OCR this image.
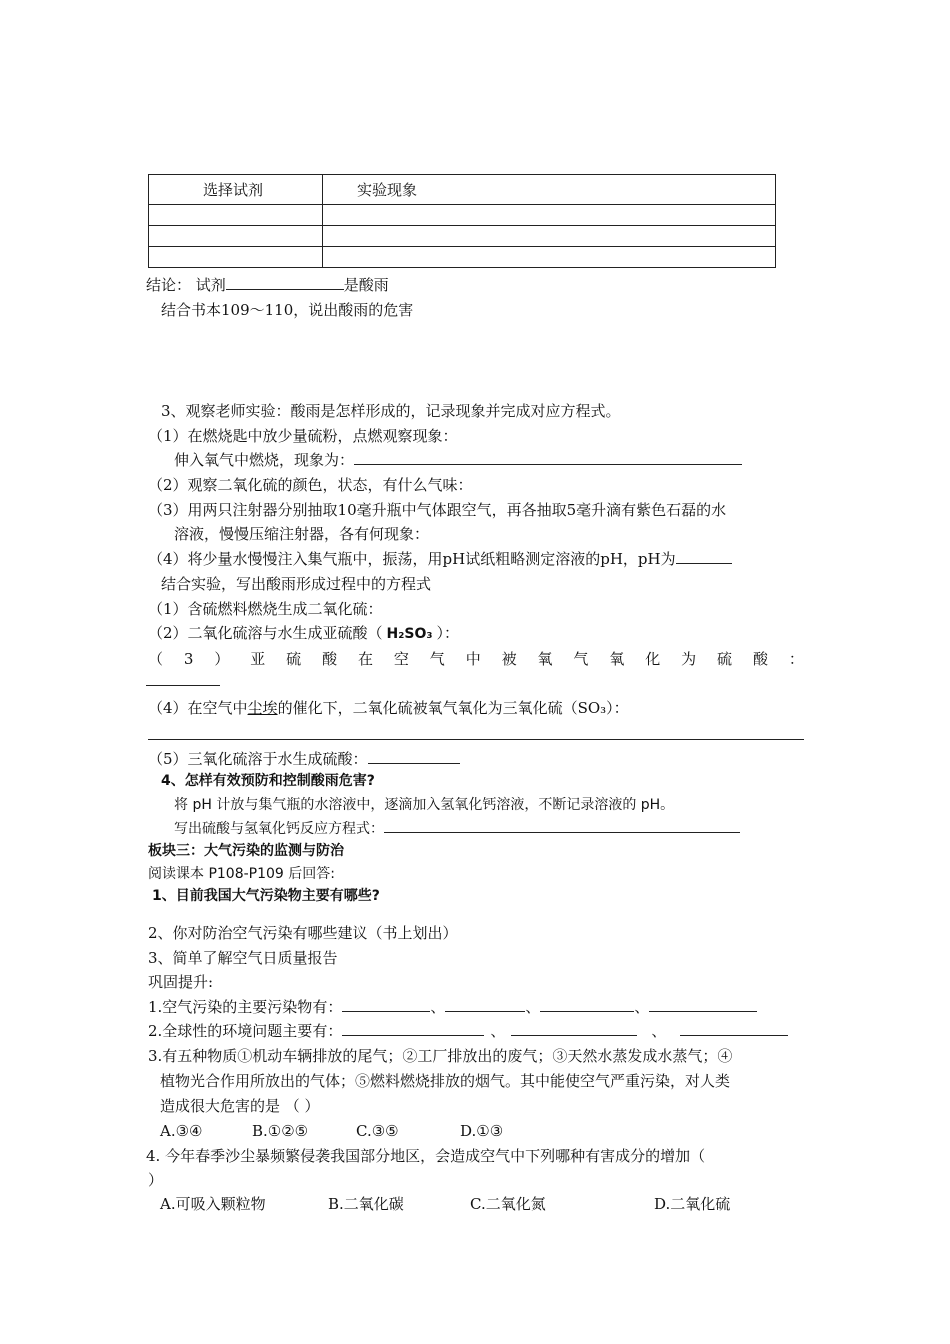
选择试剂	实验现象

结论： 试剂	是酸雨
结合书本109～110，说出酸雨的危害
3、观察老师实验：酸雨是怎样形成的，记录现象并完成对应方程式。
（1）在燃烧匙中放少量硫粉，点燃观察现象：
伸入氧气中燃烧，现象为：
（2）观察二氧化硫的颜色，状态，有什么气味：
（3）用两只注射器分别抽取10毫升瓶中气体跟空气，再各抽取5毫升滴有紫色石磊的水
溶液，慢慢压缩注射器，各有何现象：
（4）将少量水慢慢注入集气瓶中，振荡，用pH试纸粗略测定溶液的pH，pH为
结合实验，写出酸雨形成过程中的方程式
（1）含硫燃料燃烧生成二氧化硫：
（2）二氧化硫溶与水生成亚硫酸（ H₂SO₃ ）：
（ 3 ） 亚 硫 酸 在 空 气 中 被 氧 气 氧 化 为 硫 酸 ：
（4）在空气中尘埃的催化下，二氧化硫被氧气氧化为三氧化硫（SO₃）：
（5）三氧化硫溶于水生成硫酸：
4、怎样有效预防和控制酸雨危害?
将 pH 计放与集气瓶的水溶液中，逐滴加入氢氧化钙溶液，不断记录溶液的 pH。
写出硫酸与氢氧化钙反应方程式：
板块三：大气污染的监测与防治
阅读课本 P108-P109 后回答:
1、目前我国大气污染物主要有哪些?
2、你对防治空气污染有哪些建议（书上划出）
3、简单了解空气日质量报告
巩固提升:
1.空气污染的主要污染物有：	、	、	、
2.全球性的环境问题主要有：	、	、
3.有五种物质①机动车辆排放的尾气；②工厂排放出的废气；③天然水蒸发成水蒸气；④
植物光合作用所放出的气体；⑤燃料燃烧排放的烟气。其中能使空气严重污染，对人类
造成很大危害的是 （ ）
A.③④	B.①②⑤	C.③⑤	D.①③
4. 今年春季沙尘暴频繁侵袭我国部分地区，会造成空气中下列哪种有害成分的增加（
）
A.可吸入颗粒物	B.二氧化碳	C.二氧化氮	D.二氧化硫
